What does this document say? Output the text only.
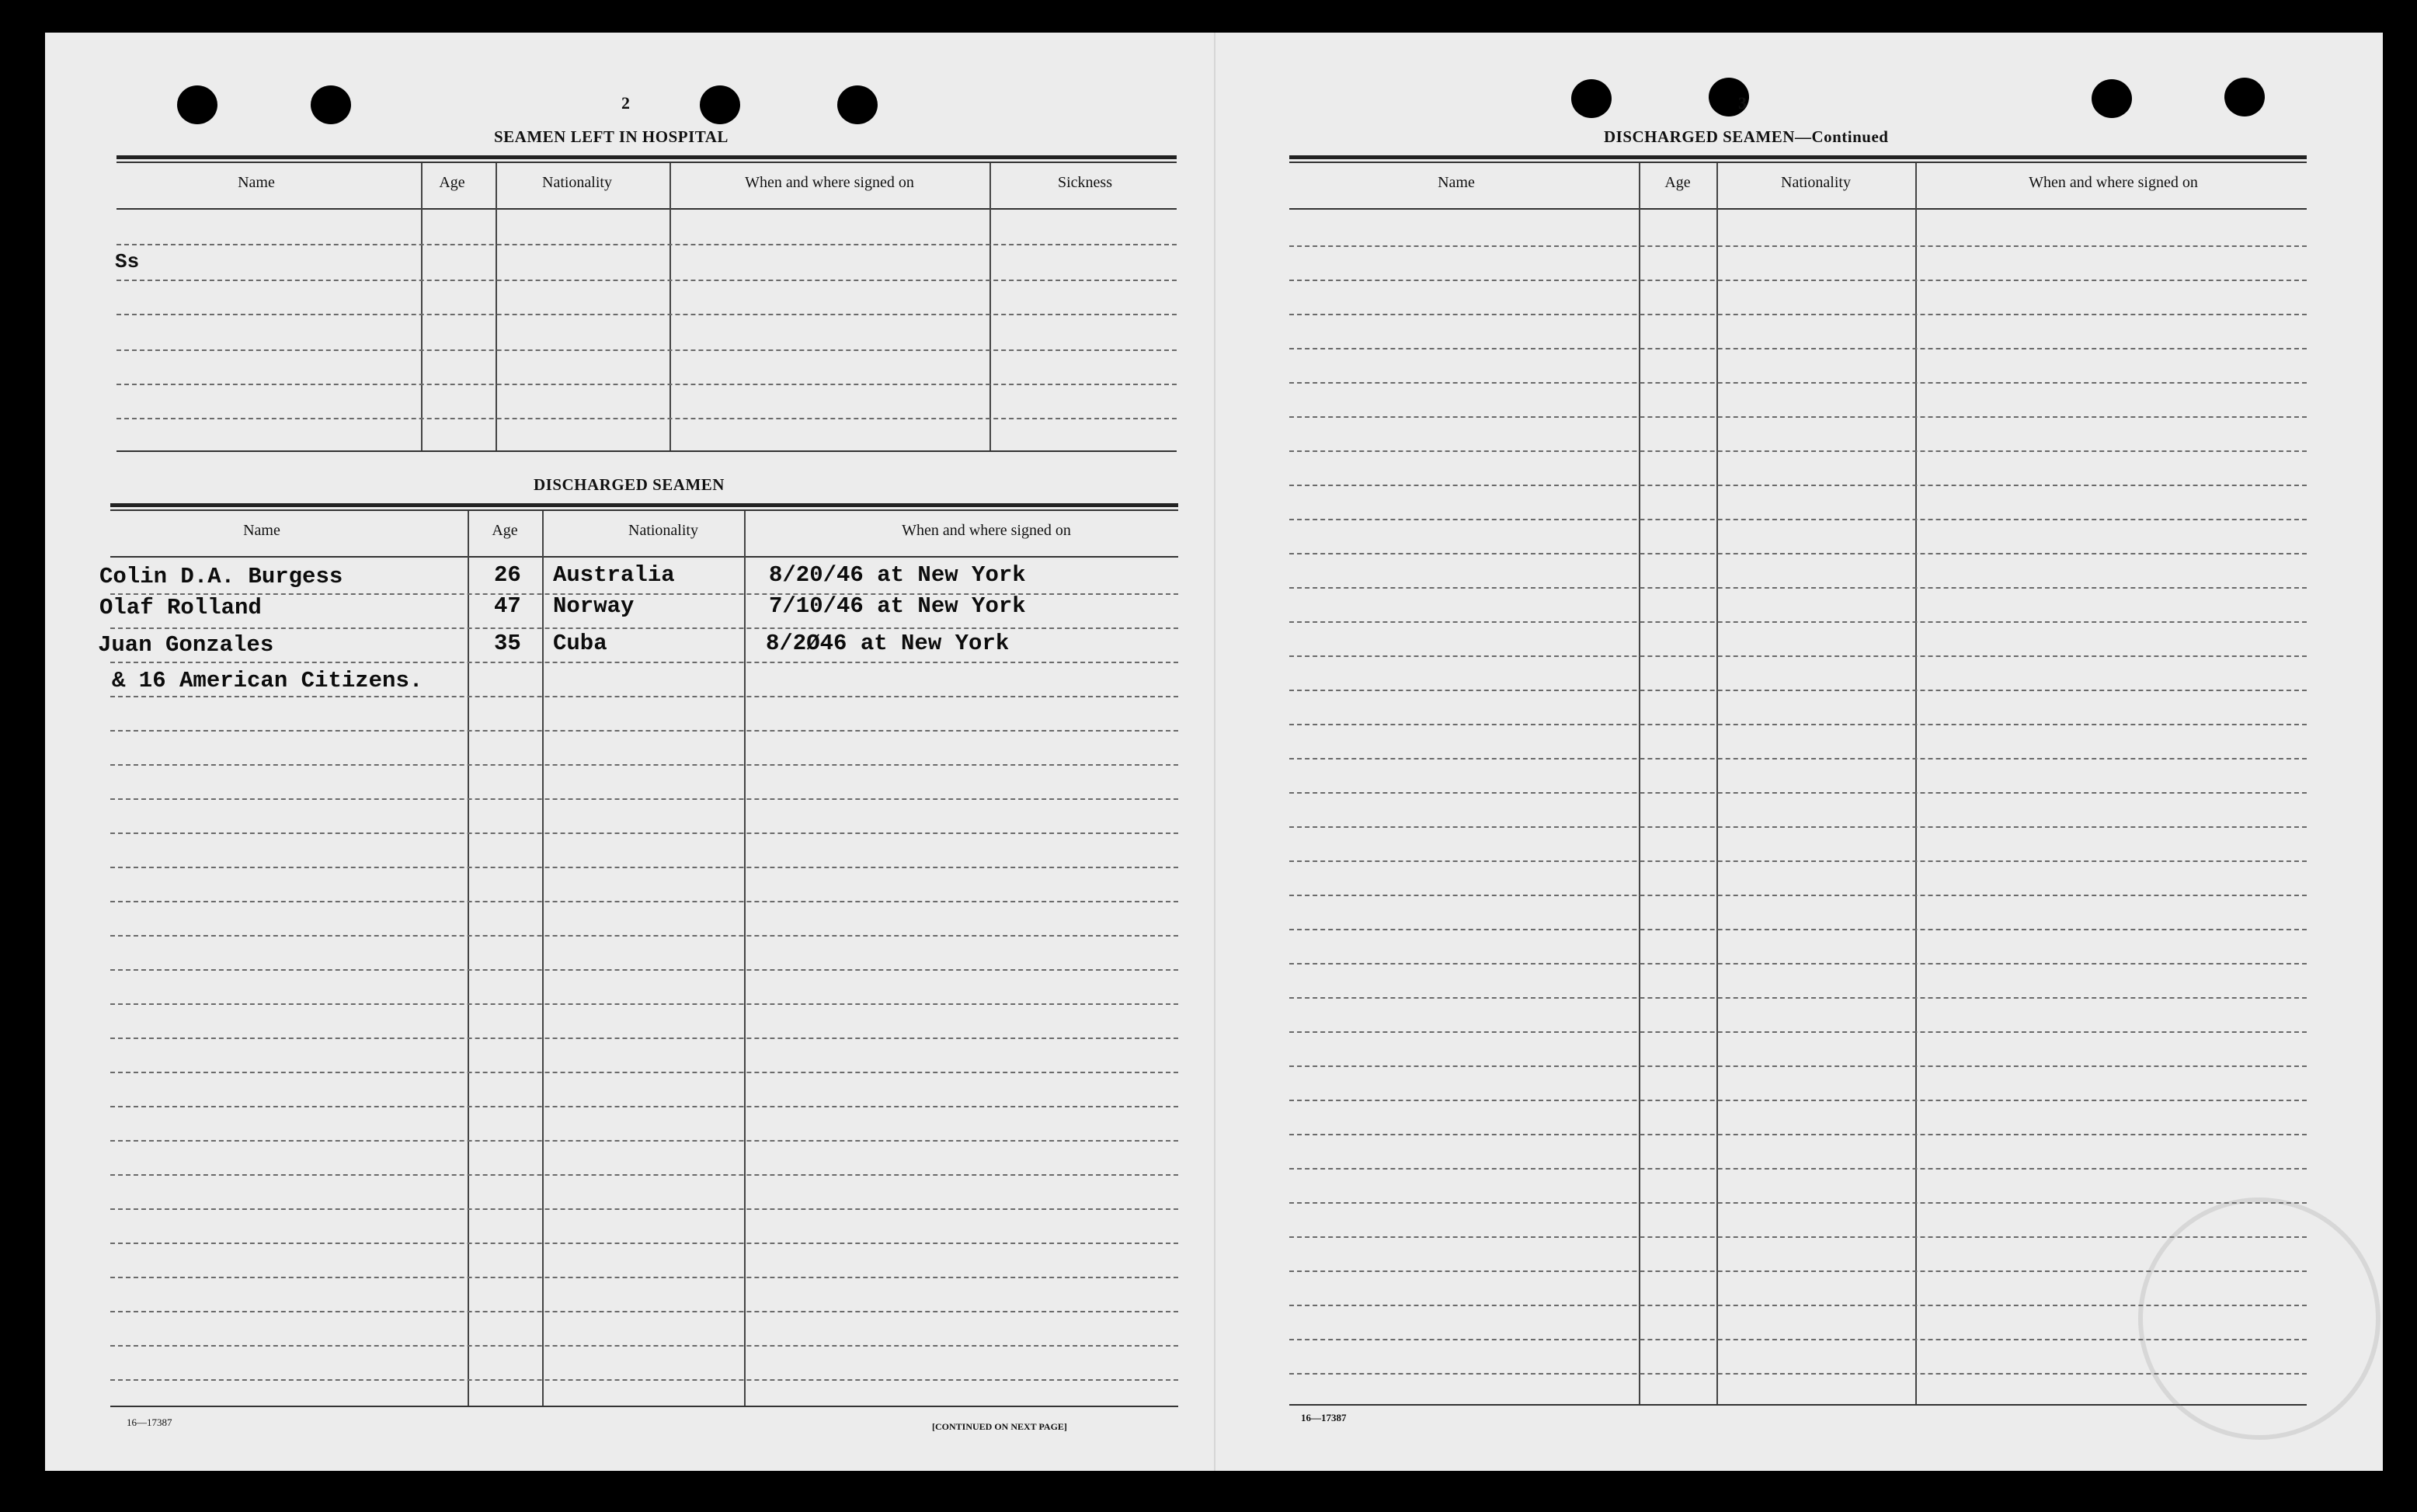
2
SEAMEN LEFT IN HOSPITAL
Name	Age	Nationality	When and where signed on	Sickness
Ss
DISCHARGED SEAMEN
Name	Age	Nationality	When and where signed on
Colin D.A. Burgess	26 Australia	8/20/46 at New York
Olaf Rolland	47 Norway	7/10/46 at New York
Juan Gonzales	35 Cuba	8/2Ø46 at New York
& 16 American Citizens.
16—17387	[CONTINUED ON NEXT PAGE]
3
DISCHARGED SEAMEN—Continued
Name	Age	Nationality	When and where signed on
16—17387
